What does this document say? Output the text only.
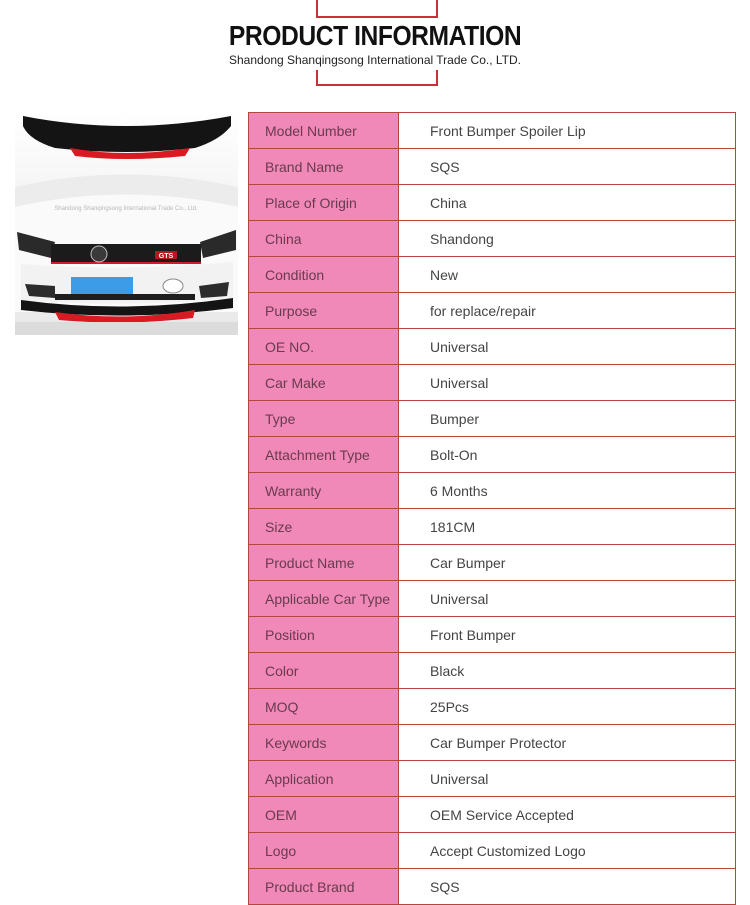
PRODUCT INFORMATION
Shandong Shanqingsong International Trade Co., LTD.
Shandong Shanqingsong International Trade Co., Ltd.
GTS
Model Number	Front Bumper Spoiler Lip
Brand Name	SQS
Place of Origin	China
China	Shandong
Condition	New
Purpose	for replace/repair
OE NO.	Universal
Car Make	Universal
Type	Bumper
Attachment Type	Bolt-On
Warranty	6 Months
Size	181CM
Product Name	Car Bumper
Applicable Car Type	Universal
Position	Front Bumper
Color	Black
MOQ	25Pcs
Keywords	Car Bumper Protector
Application	Universal
OEM	OEM Service Accepted
Logo	Accept Customized Logo
Product Brand	SQS
